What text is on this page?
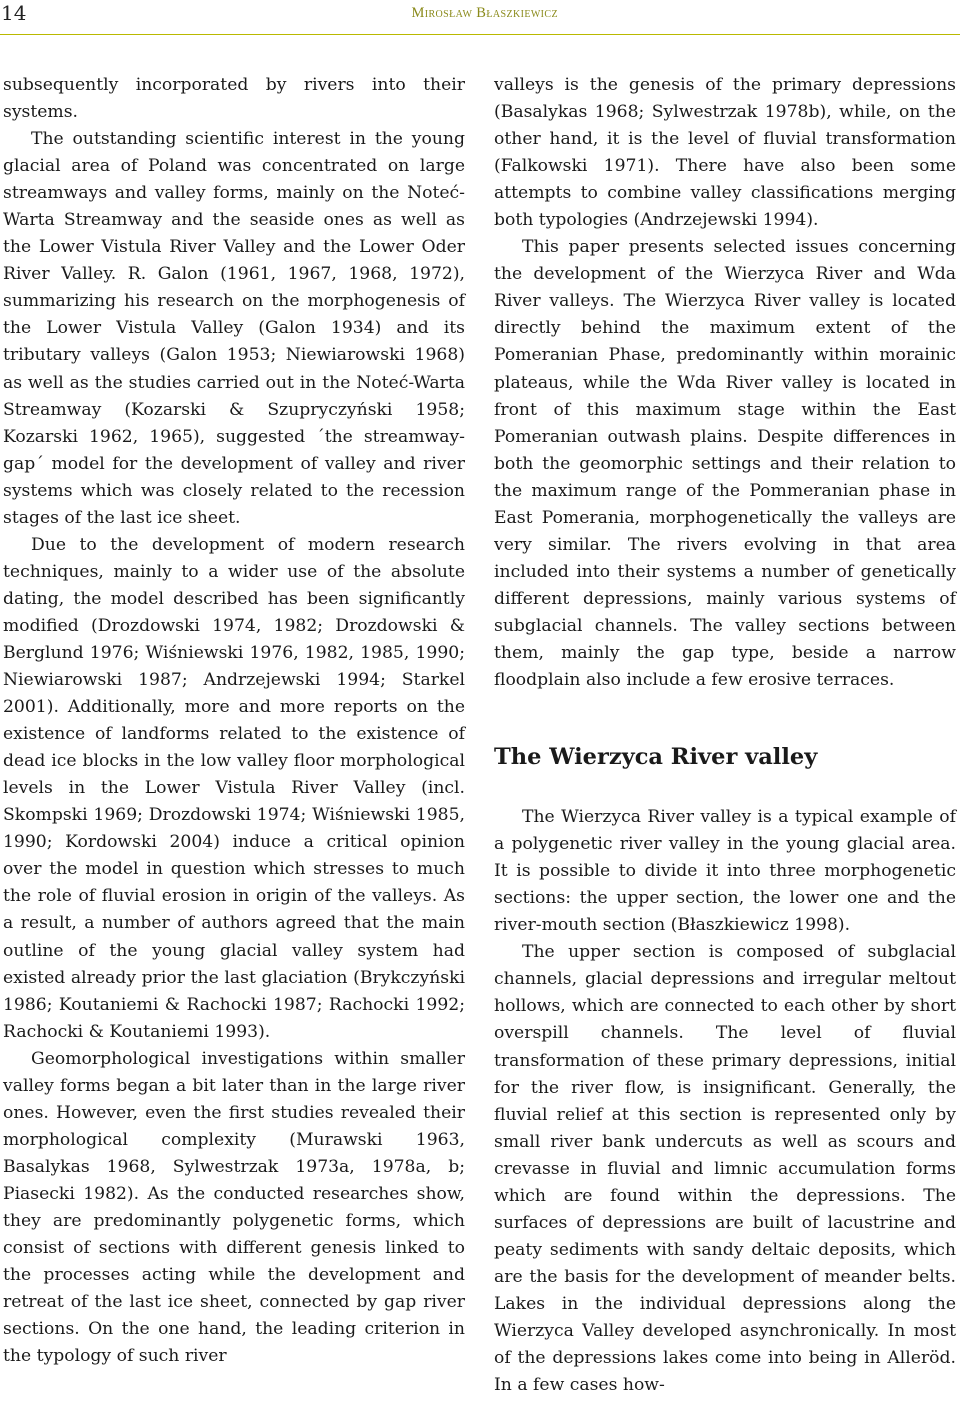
14	Mirosław Błaszkiewicz

subsequently incorporated by rivers into their systems.

The outstanding scientific interest in the young glacial area of Poland was concentrated on large streamways and valley forms, mainly on the Noteć-Warta Streamway and the seaside ones as well as the Lower Vistula River Valley and the Lower Oder River Valley. R. Galon (1961, 1967, 1968, 1972), summarizing his research on the morphogenesis of the Lower Vistula Valley (Galon 1934) and its tributary valleys (Galon 1953; Niewiarowski 1968) as well as the studies carried out in the Noteć-Warta Streamway (Kozarski & Szupryczyński 1958; Kozarski 1962, 1965), suggested ´the streamway-gap´ model for the development of valley and river systems which was closely related to the recession stages of the last ice sheet.

Due to the development of modern research techniques, mainly to a wider use of the absolute dating, the model described has been significantly modified (Drozdowski 1974, 1982; Drozdowski & Berglund 1976; Wiśniewski 1976, 1982, 1985, 1990; Niewiarowski 1987; Andrzejewski 1994; Starkel 2001). Additionally, more and more reports on the existence of landforms related to the existence of dead ice blocks in the low valley floor morphological levels in the Lower Vistula River Valley (incl. Skompski 1969; Drozdowski 1974; Wiśniewski 1985, 1990; Kordowski 2004) induce a critical opinion over the model in question which stresses to much the role of fluvial erosion in origin of the valleys. As a result, a number of authors agreed that the main outline of the young glacial valley system had existed already prior the last glaciation (Brykczyński 1986; Koutaniemi & Rachocki 1987; Rachocki 1992; Rachocki & Koutaniemi 1993).

Geomorphological investigations within smaller valley forms began a bit later than in the large river ones. However, even the first studies revealed their morphological complexity (Murawski 1963, Basalykas 1968, Sylwestrzak 1973a, 1978a, b; Piasecki 1982). As the conducted researches show, they are predominantly polygenetic forms, which consist of sections with different genesis linked to the processes acting while the development and retreat of the last ice sheet, connected by gap river sections. On the one hand, the leading criterion in the typology of such river

valleys is the genesis of the primary depressions (Basalykas 1968; Sylwestrzak 1978b), while, on the other hand, it is the level of fluvial transformation (Falkowski 1971). There have also been some attempts to combine valley classifications merging both typologies (Andrzejewski 1994).

This paper presents selected issues concerning the development of the Wierzyca River and Wda River valleys. The Wierzyca River valley is located directly behind the maximum extent of the Pomeranian Phase, predominantly within morainic plateaus, while the Wda River valley is located in front of this maximum stage within the East Pomeranian outwash plains. Despite differences in both the geomorphic settings and their relation to the maximum range of the Pommeranian phase in East Pomerania, morphogenetically the valleys are very similar. The rivers evolving in that area included into their systems a number of genetically different depressions, mainly various systems of subglacial channels. The valley sections between them, mainly the gap type, beside a narrow floodplain also include a few erosive terraces.

The Wierzyca River valley

The Wierzyca River valley is a typical example of a polygenetic river valley in the young glacial area. It is possible to divide it into three morphogenetic sections: the upper section, the lower one and the river-mouth section (Błaszkiewicz 1998).

The upper section is composed of subglacial channels, glacial depressions and irregular meltout hollows, which are connected to each other by short overspill channels. The level of fluvial transformation of these primary depressions, initial for the river flow, is insignificant. Generally, the fluvial relief at this section is represented only by small river bank undercuts as well as scours and crevasse in fluvial and limnic accumulation forms which are found within the depressions. The surfaces of depressions are built of lacustrine and peaty sediments with sandy deltaic deposits, which are the basis for the development of meander belts. Lakes in the individual depressions along the Wierzyca Valley developed asynchronically. In most of the depressions lakes come into being in Alleröd. In a few cases how-
